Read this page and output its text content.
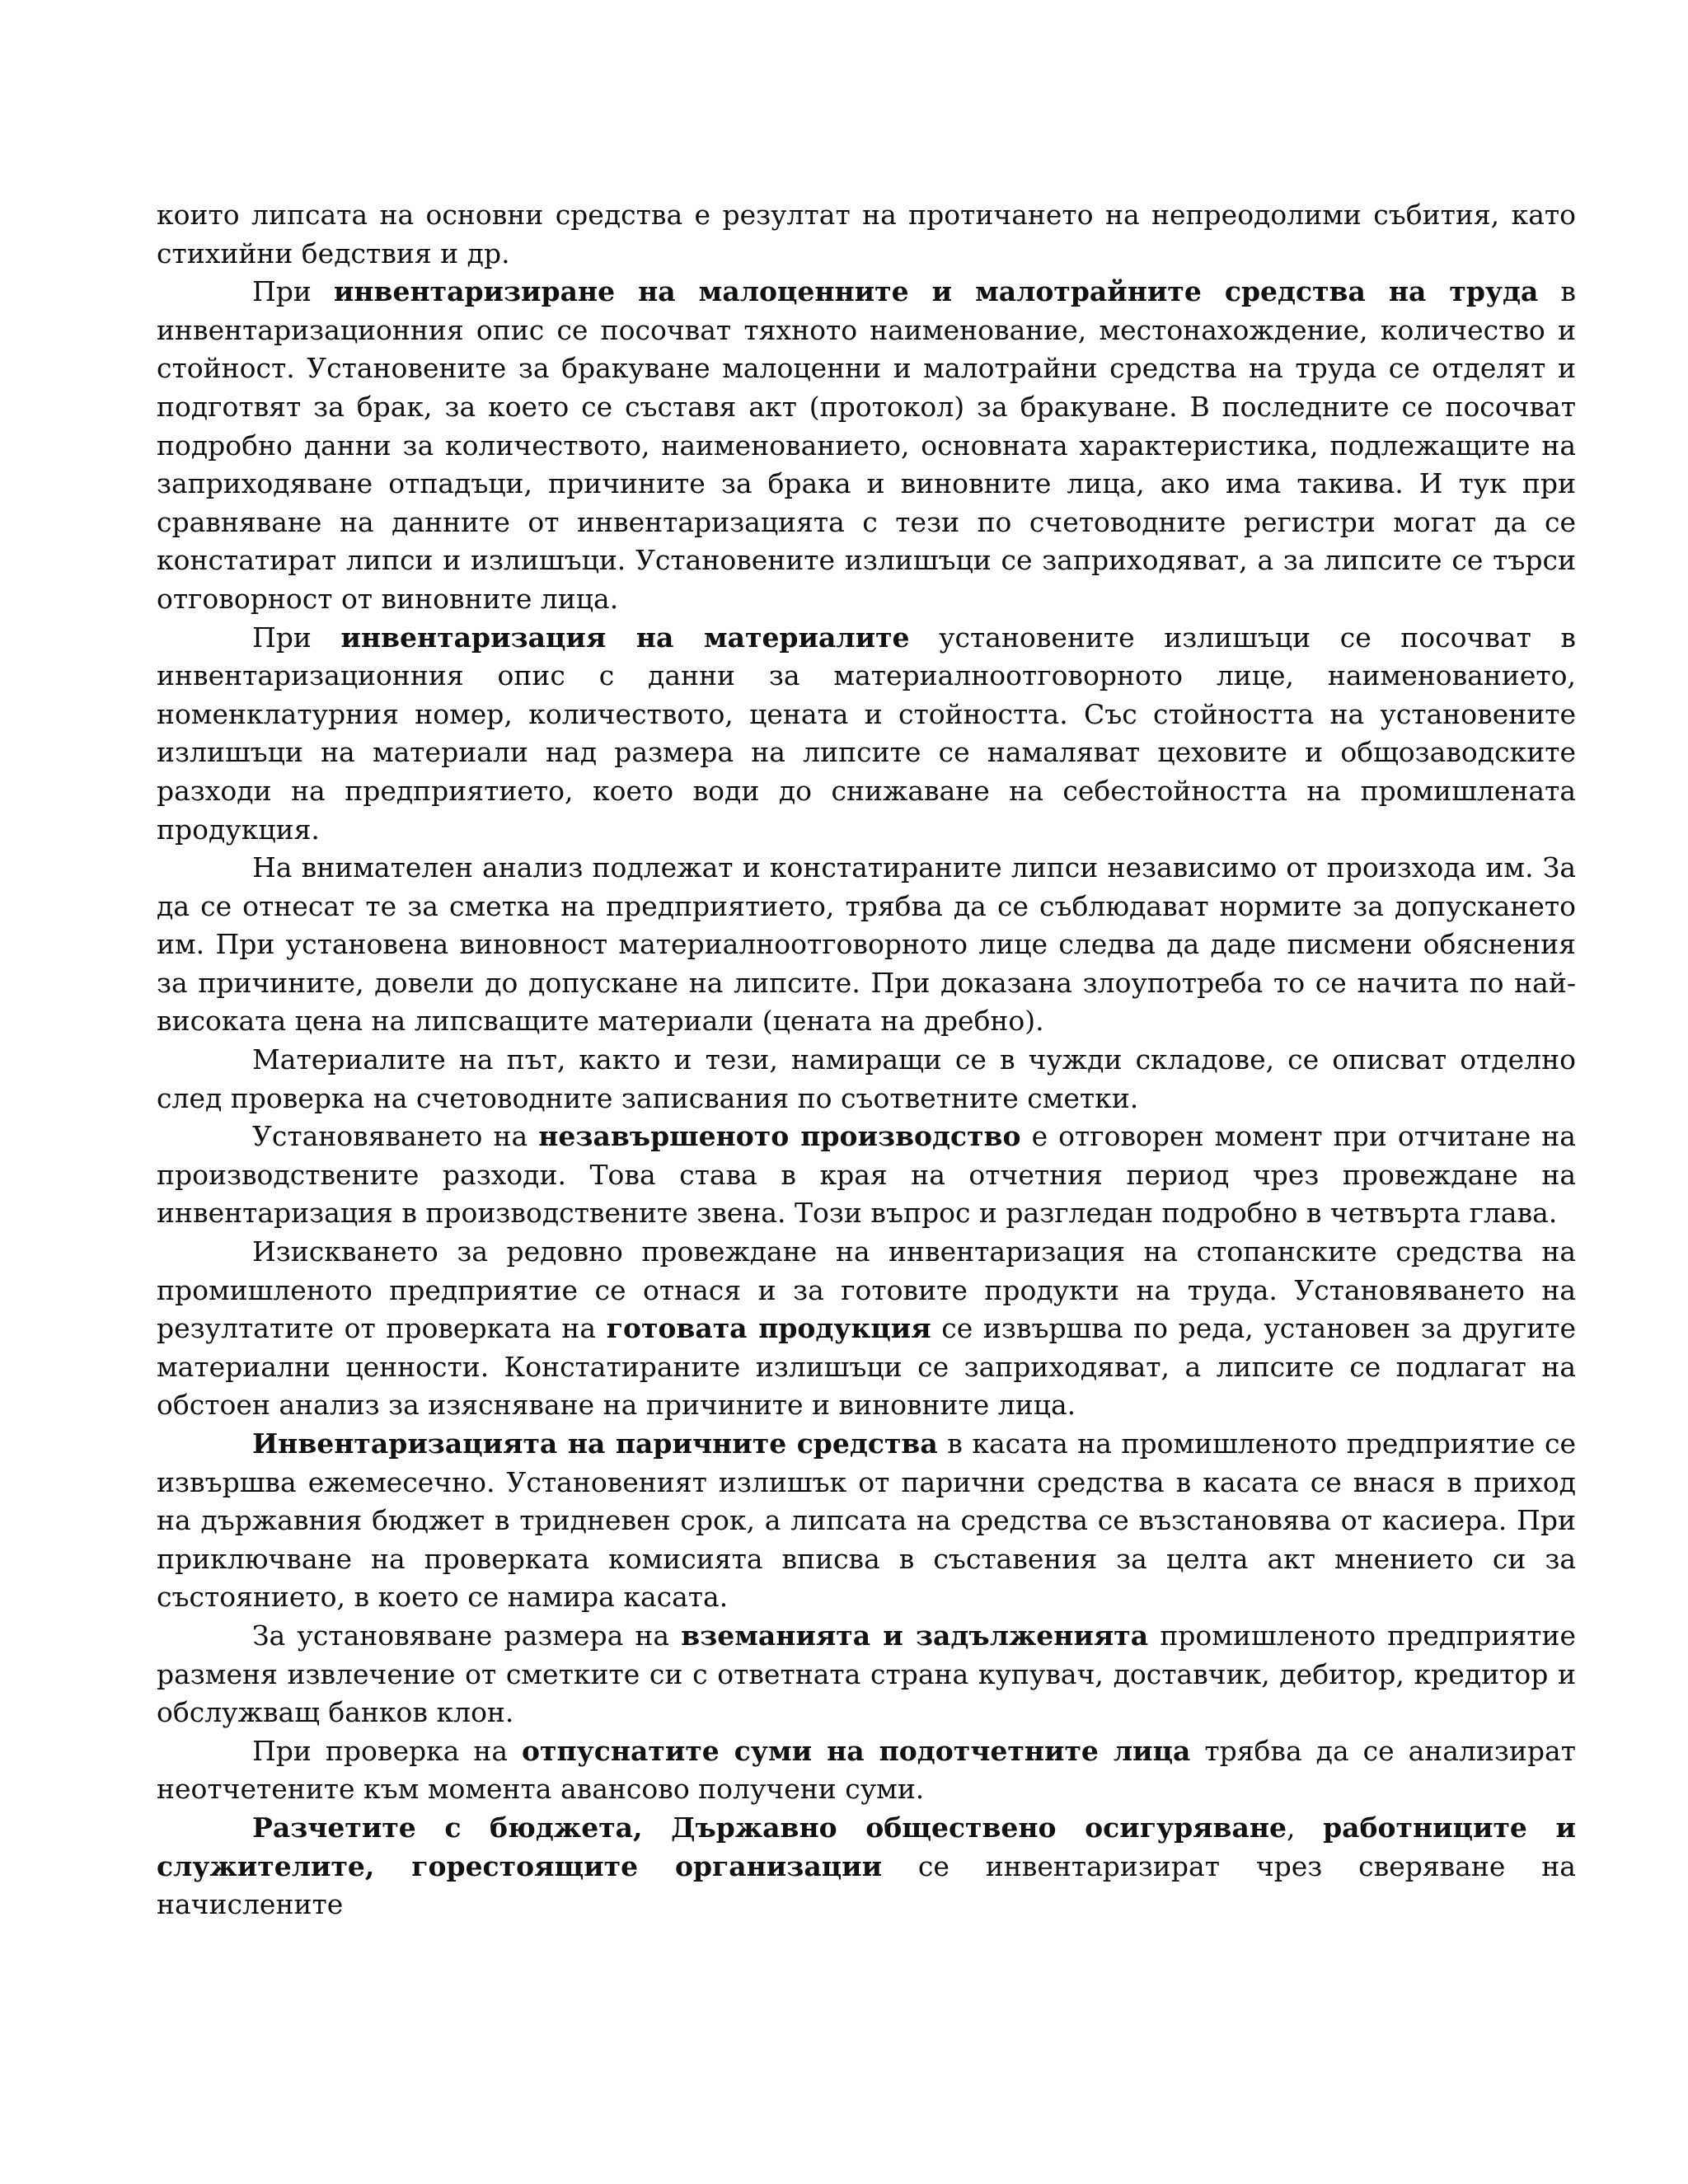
които липсата на основни средства е резултат на протичането на непреодолими събития, като стихийни бедствия и др.

При инвентаризиране на малоценните и малотрайните средства на труда в инвентаризационния опис се посочват тяхното наименование, местонахождение, количество и стойност. Установените за бракуване малоценни и малотрайни средства на труда се отделят и подготвят за брак, за което се съставя акт (протокол) за бракуване. В последните се посочват подробно данни за количеството, наименованието, основната характеристика, подлежащите на заприходяване отпадъци, причините за брака и виновните лица, ако има такива. И тук при сравняване на данните от инвентаризацията с тези по счетоводните регистри могат да се констатират липси и излишъци. Установените излишъци се заприходяват, а за липсите се търси отговорност от виновните лица.

При инвентаризация на материалите установените излишъци се посочват в инвентаризационния опис с данни за материалноотговорното лице, наименованието, номенклатурния номер, количеството, цената и стойността. Със стойността на установените излишъци на материали над размера на липсите се намаляват цеховите и общозаводските разходи на предприятието, което води до снижаване на себестойността на промишлената продукция.

На внимателен анализ подлежат и констатираните липси независимо от произхода им. За да се отнесат те за сметка на предприятието, трябва да се съблюдават нормите за допускането им. При установена виновност материалноотговорното лице следва да даде писмени обяснения за причините, довели до допускане на липсите. При доказана злоупотреба то се начита по най- високата цена на липсващите материали (цената на дребно).

Материалите на път, както и тези, намиращи се в чужди складове, се описват отделно след проверка на счетоводните записвания по съответните сметки.

Установяването на незавършеното производство е отговорен момент при отчитане на производствените разходи. Това става в края на отчетния период чрез провеждане на инвентаризация в производствените звена. Този въпрос и разгледан подробно в четвърта глава.

Изискването за редовно провеждане на инвентаризация на стопанските средства на промишленото предприятие се отнася и за готовите продукти на труда. Установяването на резултатите от проверката на готовата продукция се извършва по реда, установен за другите материални ценности. Констатираните излишъци се заприходяват, а липсите се подлагат на обстоен анализ за изясняване на причините и виновните лица.

Инвентаризацията на паричните средства в касата на промишленото предприятие се извършва ежемесечно. Установеният излишък от парични средства в касата се внася в приход на държавния бюджет в тридневен срок, а липсата на средства се възстановява от касиера. При приключване на проверката комисията вписва в съставения за целта акт мнението си за състоянието, в което се намира касата.

За установяване размера на вземанията и задълженията промишленото предприятие разменя извлечение от сметките си с ответната страна купувач, доставчик, дебитор, кредитор и обслужващ банков клон.

При проверка на отпуснатите суми на подотчетните лица трябва да се анализират неотчетените към момента авансово получени суми.

Разчетите с бюджета, Държавно обществено осигуряване, работниците и служителите, горестоящите организации се инвентаризират чрез сверяване на начислените
